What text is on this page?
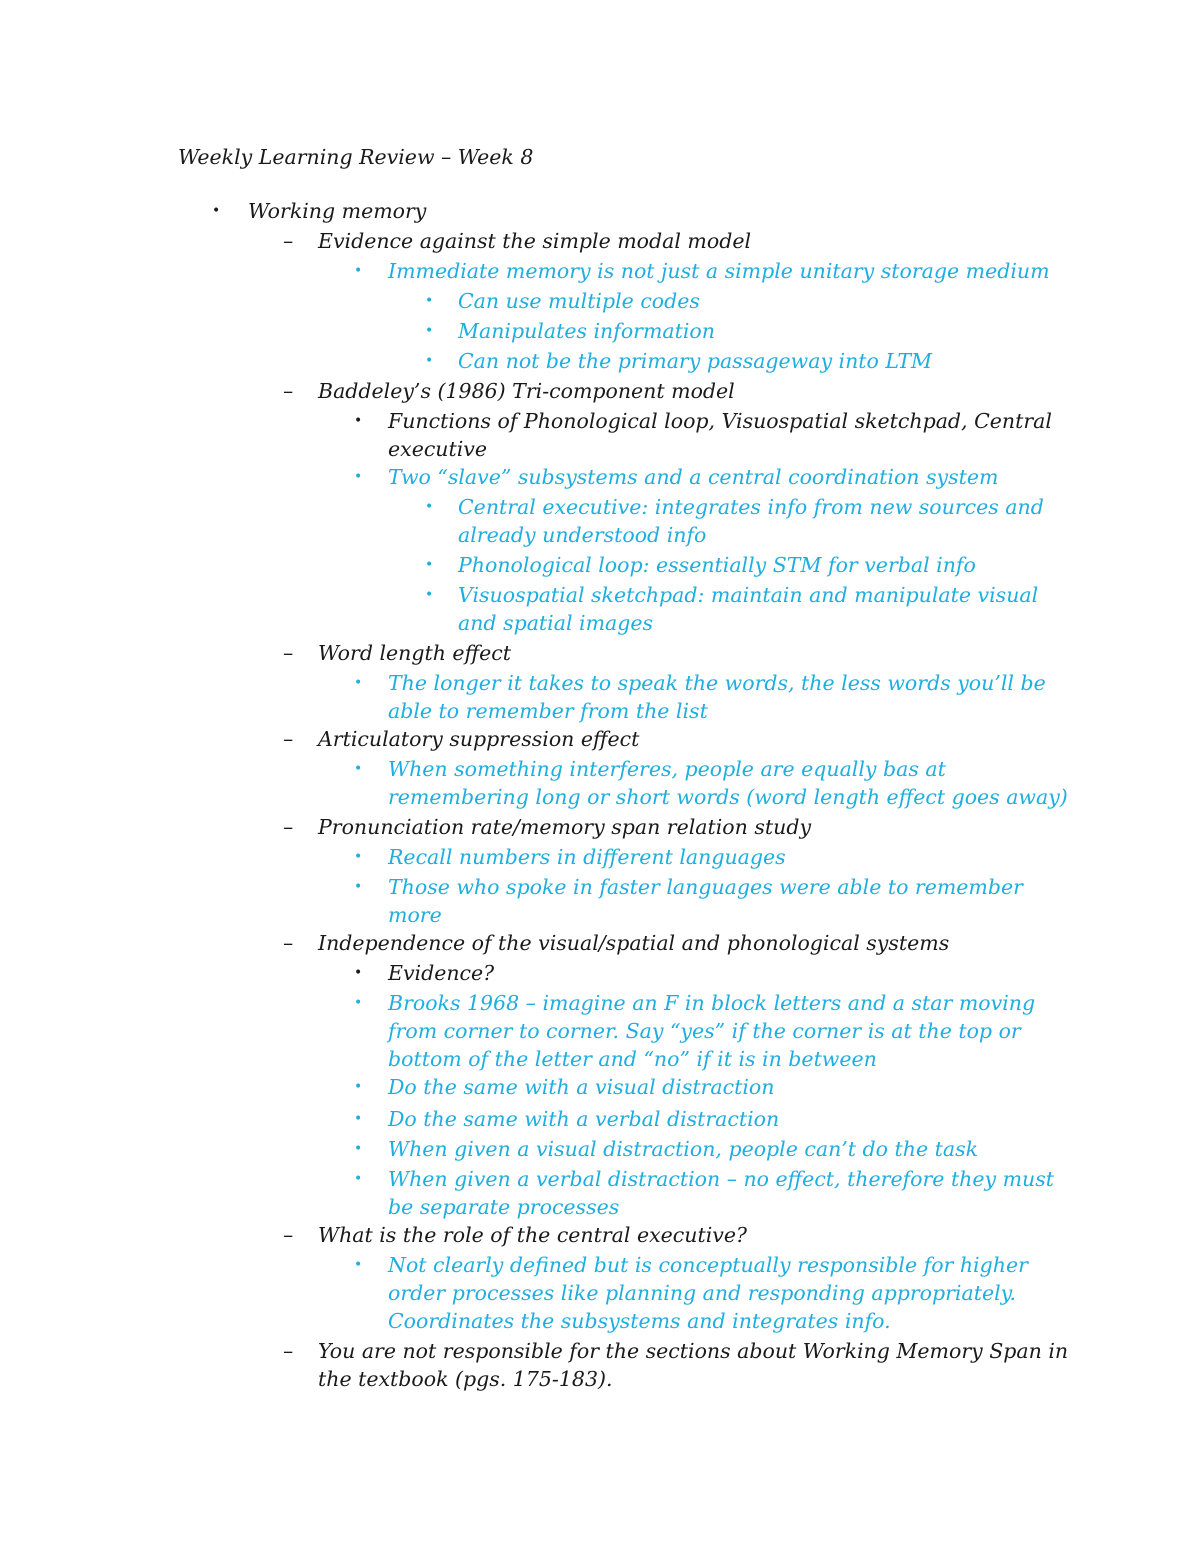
Weekly Learning Review – Week 8
• Working memory
– Evidence against the simple modal model
• Immediate memory is not just a simple unitary storage medium
• Can use multiple codes
• Manipulates information
• Can not be the primary passageway into LTM
– Baddeley’s (1986) Tri-component model
• Functions of Phonological loop, Visuospatial sketchpad, Central
executive
• Two “slave” subsystems and a central coordination system
• Central executive: integrates info from new sources and
already understood info
• Phonological loop: essentially STM for verbal info
• Visuospatial sketchpad: maintain and manipulate visual
and spatial images
– Word length effect
• The longer it takes to speak the words, the less words you’ll be
able to remember from the list
– Articulatory suppression effect
• When something interferes, people are equally bas at
remembering long or short words (word length effect goes away)
– Pronunciation rate/memory span relation study
• Recall numbers in different languages
• Those who spoke in faster languages were able to remember
more
– Independence of the visual/spatial and phonological systems
• Evidence?
• Brooks 1968 – imagine an F in block letters and a star moving
from corner to corner. Say “yes” if the corner is at the top or
bottom of the letter and “no” if it is in between
• Do the same with a visual distraction
• Do the same with a verbal distraction
• When given a visual distraction, people can’t do the task
• When given a verbal distraction – no effect, therefore they must
be separate processes
– What is the role of the central executive?
• Not clearly defined but is conceptually responsible for higher
order processes like planning and responding appropriately.
Coordinates the subsystems and integrates info.
– You are not responsible for the sections about Working Memory Span in
the textbook (pgs. 175-183).
